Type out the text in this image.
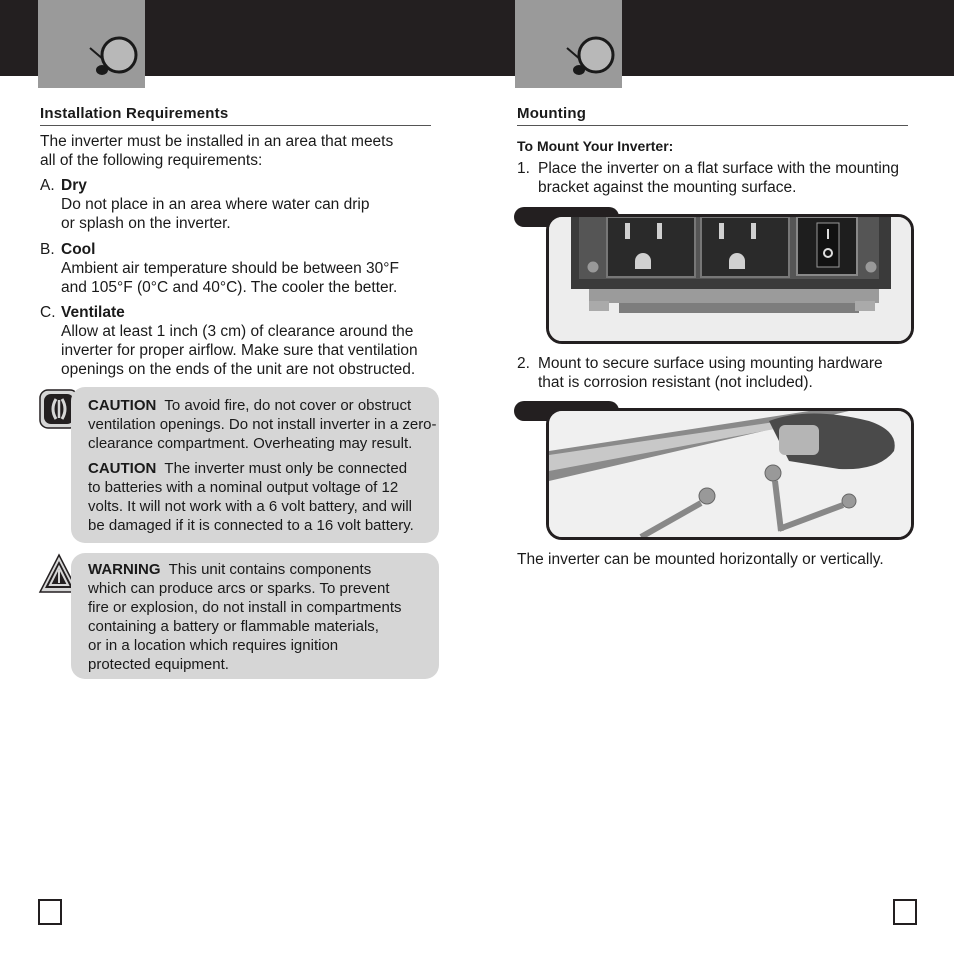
Installation Requirements

The inverter must be installed in an area that meets

all of the following requirements:

A. Dry

Do not place in an area where water can drip

or splash on the inverter.

B. Cool

Ambient air temperature should be between 30°F

and 105°F (0°C and 40°C). The cooler the better.

C. Ventilate

Allow at least 1 inch (3 cm) of clearance around the

inverter for proper airflow. Make sure that ventilation

openings on the ends of the unit are not obstructed.

CAUTION To avoid fire, do not cover or obstruct
ventilation openings. Do not install inverter in a zero-
clearance compartment. Overheating may result.

CAUTION The inverter must only be connected
to batteries with a nominal output voltage of 12
volts. It will not work with a 6 volt battery, and will
be damaged if it is connected to a 16 volt battery.

WARNING This unit contains components
which can produce arcs or sparks. To prevent
fire or explosion, do not install in compartments
containing a battery or flammable materials,
or in a location which requires ignition
protected equipment.

Mounting
To Mount Your Inverter:
1. Place the inverter on a flat surface with the mounting

bracket against the mounting surface.

2. Mount to secure surface using mounting hardware

that is corrosion resistant (not included).

The inverter can be mounted horizontally or vertically.
